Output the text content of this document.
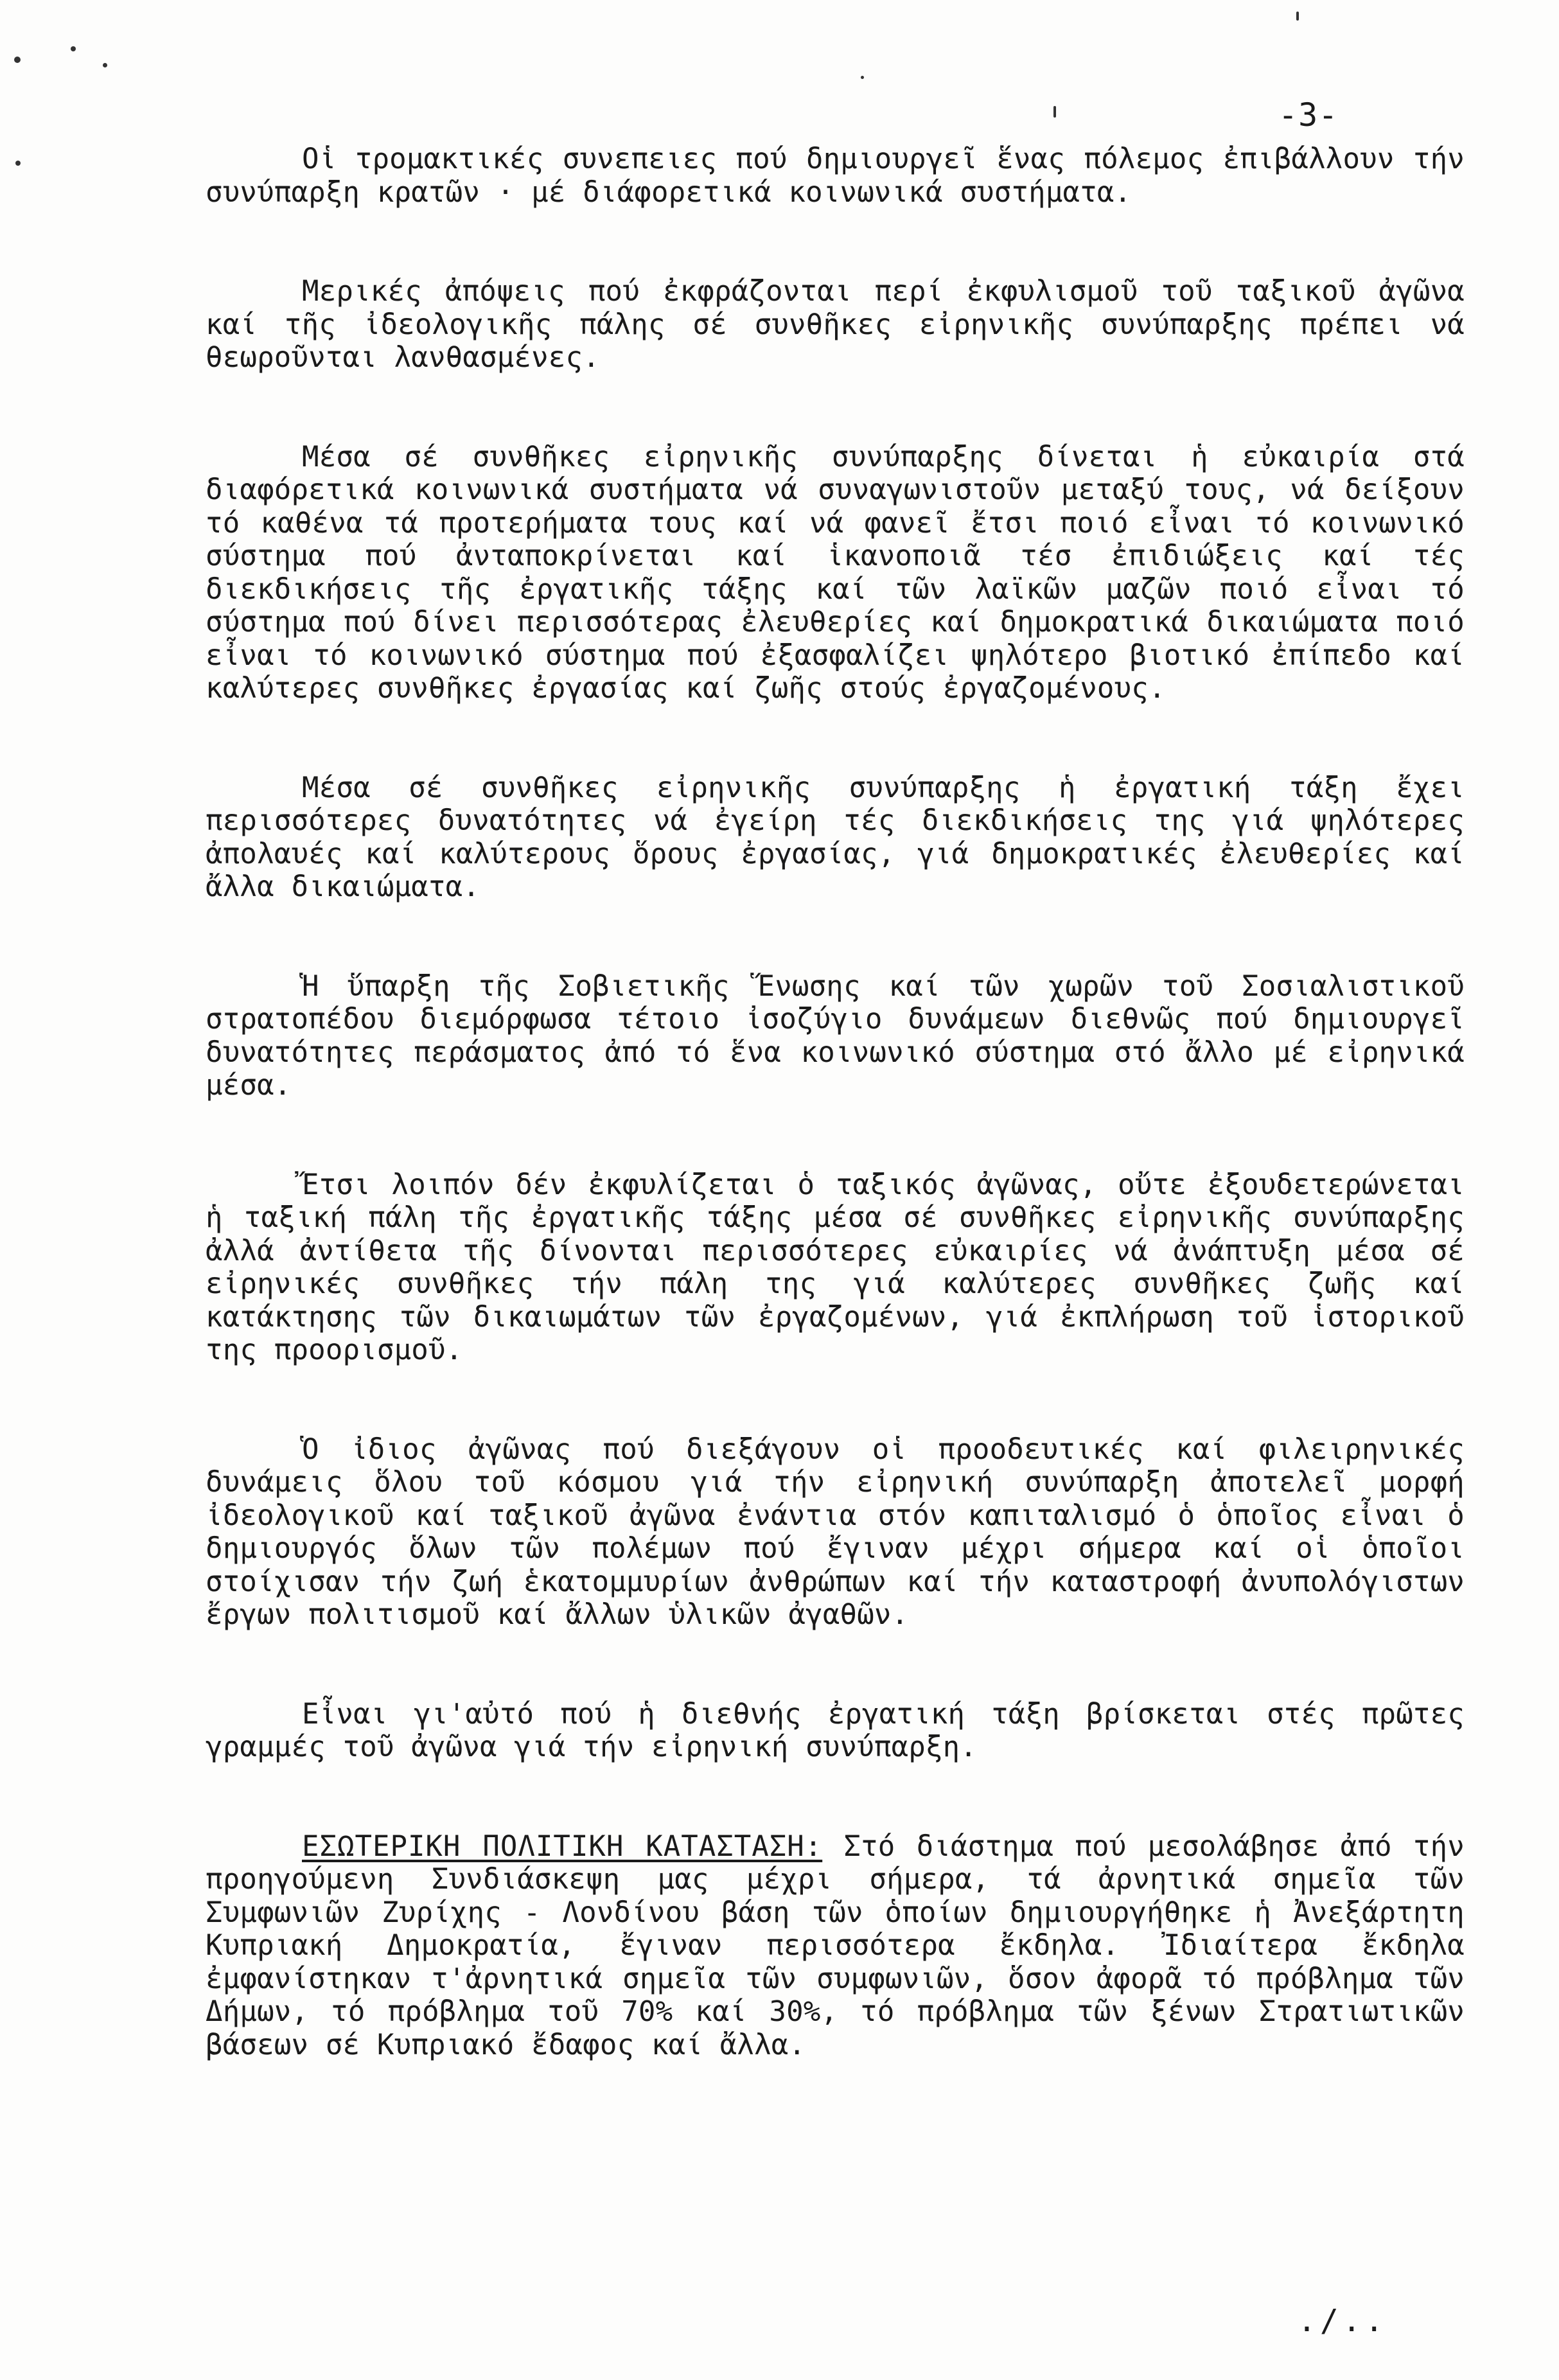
-3-

Οἱ τρομακτικές συνεπειες πού δημιουργεῖ ἕνας πόλεμος ἐπιβάλλουν τήν συνύπαρξη κρατῶν · μέ διάφορετικά κοινωνικά συστήματα.

Μερικές ἀπόψεις πού ἐκφράζονται περί ἐκφυλισμοῦ τοῦ ταξικοῦ ἀγῶνα καί τῆς ἰδεολογικῆς πάλης σέ συνθῆκες εἰρηνικῆς συνύπαρξης πρέπει νά θεωροῦνται λανθασμένες.

Μέσα σέ συνθῆκες εἰρηνικῆς συνύπαρξης δίνεται ἡ εὐκαιρία στά διαφόρετικά κοινωνικά συστήματα νά συναγωνιστοῦν μεταξύ τους, νά δείξουν τό καθένα τά προτερήματα τους καί νά φανεῖ ἔτσι ποιό εἶναι τό κοινωνικό σύστημα πού ἀνταποκρίνεται καί ἱκανοποιᾶ τέσ ἐπιδιώξεις καί τές διεκδικήσεις τῆς ἐργατικῆς τάξης καί τῶν λαϊκῶν μαζῶν ποιό εἶναι τό σύστημα πού δίνει περισσότερας ἐλευθερίες καί δημοκρατικά δικαιώματα ποιό εἶναι τό κοινωνικό σύστημα πού ἐξασφαλίζει ψηλότερο βιοτικό ἐπίπεδο καί καλύτερες συνθῆκες ἐργασίας καί ζωῆς στούς ἐργαζομένους.

Μέσα σέ συνθῆκες εἰρηνικῆς συνύπαρξης ἡ ἐργατική τάξη ἔχει περισσότερες δυνατότητες νά ἐγείρη τές διεκδικήσεις της γιά ψηλότερες ἀπολαυές καί καλύτερους ὅρους ἐργασίας, γιά δημοκρατικές ἐλευθερίες καί ἄλλα δικαιώματα.

Ἡ ὕπαρξη τῆς Σοβιετικῆς Ἕνωσης καί τῶν χωρῶν τοῦ Σοσιαλιστικοῦ στρατοπέδου διεμόρφωσα τέτοιο ἰσοζύγιο δυνάμεων διεθνῶς πού δημιουργεῖ δυνατότητες περάσματος ἀπό τό ἕνα κοινωνικό σύστημα στό ἄλλο μέ εἰρηνικά μέσα.

Ἔτσι λοιπόν δέν ἐκφυλίζεται ὁ ταξικός ἀγῶνας, οὔτε ἐξουδετερώνεται ἡ ταξική πάλη τῆς ἐργατικῆς τάξης μέσα σέ συνθῆκες εἰρηνικῆς συνύπαρξης ἀλλά ἀντίθετα τῆς δίνονται περισσότερες εὐκαιρίες νά ἀνάπτυξη μέσα σέ εἰρηνικές συνθῆκες τήν πάλη της γιά καλύτερες συνθῆκες ζωῆς καί κατάκτησης τῶν δικαιωμάτων τῶν ἐργαζομένων, γιά ἐκπλήρωση τοῦ ἱστορικοῦ της προορισμοῦ.

Ὁ ἰδιος ἀγῶνας πού διεξάγουν οἱ προοδευτικές καί φιλειρηνικές δυνάμεις ὅλου τοῦ κόσμου γιά τήν εἰρηνική συνύπαρξη ἀποτελεῖ μορφή ἰδεολογικοῦ καί ταξικοῦ ἀγῶνα ἐνάντια στόν καπιταλισμό ὁ ὁποῖος εἶναι ὁ δημιουργός ὅλων τῶν πολέμων πού ἔγιναν μέχρι σήμερα καί οἱ ὁποῖοι στοίχισαν τήν ζωή ἑκατομμυρίων ἀνθρώπων καί τήν καταστροφή ἀνυπολόγιστων ἔργων πολιτισμοῦ καί ἄλλων ὑλικῶν ἀγαθῶν.

Εἶναι γι'αὐτό πού ἡ διεθνής ἐργατική τάξη βρίσκεται στές πρῶτες γραμμές τοῦ ἀγῶνα γιά τήν εἰρηνική συνύπαρξη.

ΕΣΩΤΕΡΙΚΗ ΠΟΛΙΤΙΚΗ ΚΑΤΑΣΤΑΣΗ: Στό διάστημα πού μεσολάβησε ἀπό τήν προηγούμενη Συνδιάσκεψη μας μέχρι σήμερα, τά ἀρνητικά σημεῖα τῶν Συμφωνιῶν Ζυρίχης - Λονδίνου βάση τῶν ὁποίων δημιουργήθηκε ἡ Ἀνεξάρτητη Κυπριακή Δημοκρατία, ἔγιναν περισσότερα ἔκδηλα. Ἰδιαίτερα ἔκδηλα ἐμφανίστηκαν τ'ἀρνητικά σημεῖα τῶν συμφωνιῶν, ὅσον ἀφορᾶ τό πρόβλημα τῶν Δήμων, τό πρόβλημα τοῦ 70% καί 30%, τό πρόβλημα τῶν ξένων Στρατιωτικῶν βάσεων σέ Κυπριακό ἔδαφος καί ἄλλα.

./..
